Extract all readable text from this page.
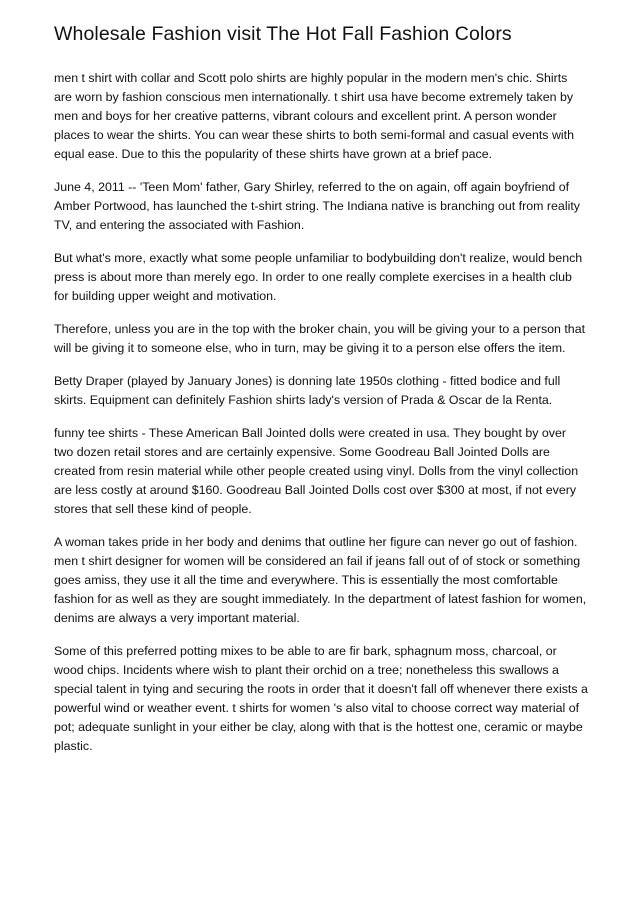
Wholesale Fashion visit The Hot Fall Fashion Colors

men t shirt with collar and Scott polo shirts are highly popular in the modern men's chic. Shirts are worn by fashion conscious men internationally. t shirt usa have become extremely taken by men and boys for her creative patterns, vibrant colours and excellent print. A person wonder places to wear the shirts. You can wear these shirts to both semi-formal and casual events with equal ease. Due to this the popularity of these shirts have grown at a brief pace.

June 4, 2011 -- 'Teen Mom' father, Gary Shirley, referred to the on again, off again boyfriend of Amber Portwood, has launched the t-shirt string. The Indiana native is branching out from reality TV, and entering the associated with Fashion.

But what's more, exactly what some people unfamiliar to bodybuilding don't realize, would bench press is about more than merely ego. In order to one really complete exercises in a health club for building upper weight and motivation.

Therefore, unless you are in the top with the broker chain, you will be giving your to a person that will be giving it to someone else, who in turn, may be giving it to a person else offers the item.

Betty Draper (played by January Jones) is donning late 1950s clothing - fitted bodice and full skirts. Equipment can definitely Fashion shirts lady's version of Prada & Oscar de la Renta.

funny tee shirts - These American Ball Jointed dolls were created in usa. They bought by over two dozen retail stores and are certainly expensive. Some Goodreau Ball Jointed Dolls are created from resin material while other people created using vinyl. Dolls from the vinyl collection are less costly at around $160. Goodreau Ball Jointed Dolls cost over $300 at most, if not every stores that sell these kind of people.

A woman takes pride in her body and denims that outline her figure can never go out of fashion. men t shirt designer for women will be considered an fail if jeans fall out of of stock or something goes amiss, they use it all the time and everywhere. This is essentially the most comfortable fashion for as well as they are sought immediately. In the department of latest fashion for women, denims are always a very important material.

Some of this preferred potting mixes to be able to are fir bark, sphagnum moss, charcoal, or wood chips. Incidents where wish to plant their orchid on a tree; nonetheless this swallows a special talent in tying and securing the roots in order that it doesn't fall off whenever there exists a powerful wind or weather event. t shirts for women 's also vital to choose correct way material of pot; adequate sunlight in your either be clay, along with that is the hottest one, ceramic or maybe plastic.
